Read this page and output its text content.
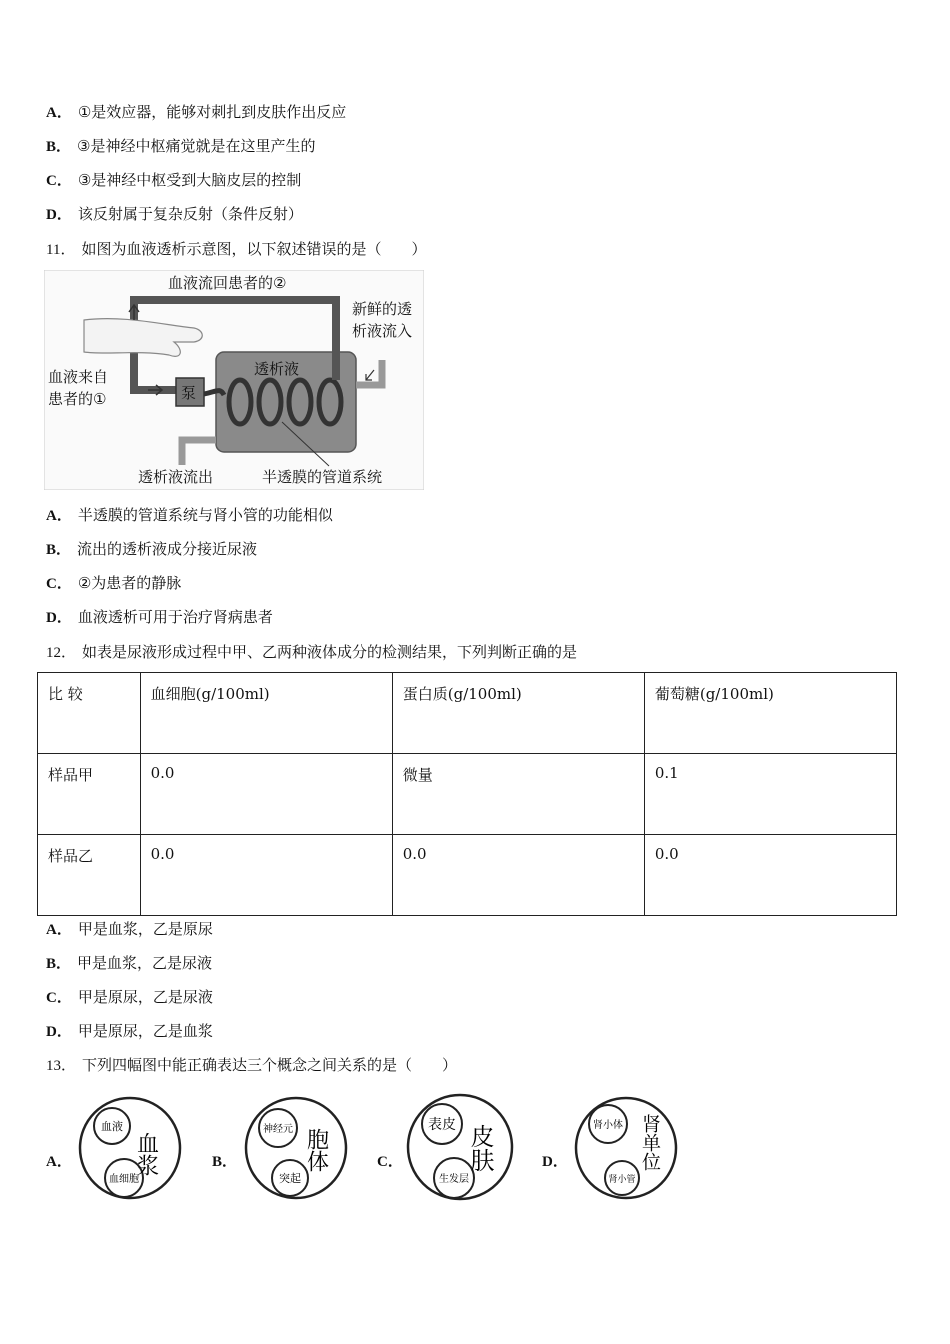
A． ①是效应器，能够对刺扎到皮肤作出反应
B． ③是神经中枢痛觉就是在这里产生的
C． ③是神经中枢受到大脑皮层的控制
D． 该反射属于复杂反射（条件反射）
11． 如图为血液透析示意图，以下叙述错误的是（　　）
血液流回患者的②
新鲜的透
析液流入
血液来自
患者的①	泵
透析液
透析液流出	半透膜的管道系统
A． 半透膜的管道系统与肾小管的功能相似
B． 流出的透析液成分接近尿液
C． ②为患者的静脉
D． 血液透析可用于治疗肾病患者
12． 如表是尿液形成过程中甲、乙两种液体成分的检测结果，下列判断正确的是
比 较	血细胞(g/100ml)	蛋白质(g/100ml)	葡萄糖(g/100ml)
样品甲	0.0	微量	0.1
样品乙	0.0	0.0	0.0
A． 甲是血浆，乙是原尿
B． 甲是血浆，乙是尿液
C． 甲是原尿，乙是尿液
D． 甲是原尿，乙是血浆
13． 下列四幅图中能正确表达三个概念之间关系的是（　　）
A．
血液
血细胞
血浆	B．
神经元
突起
胞体	C．
表皮
生发层
皮肤	D．
肾小体
肾小管
肾单位
